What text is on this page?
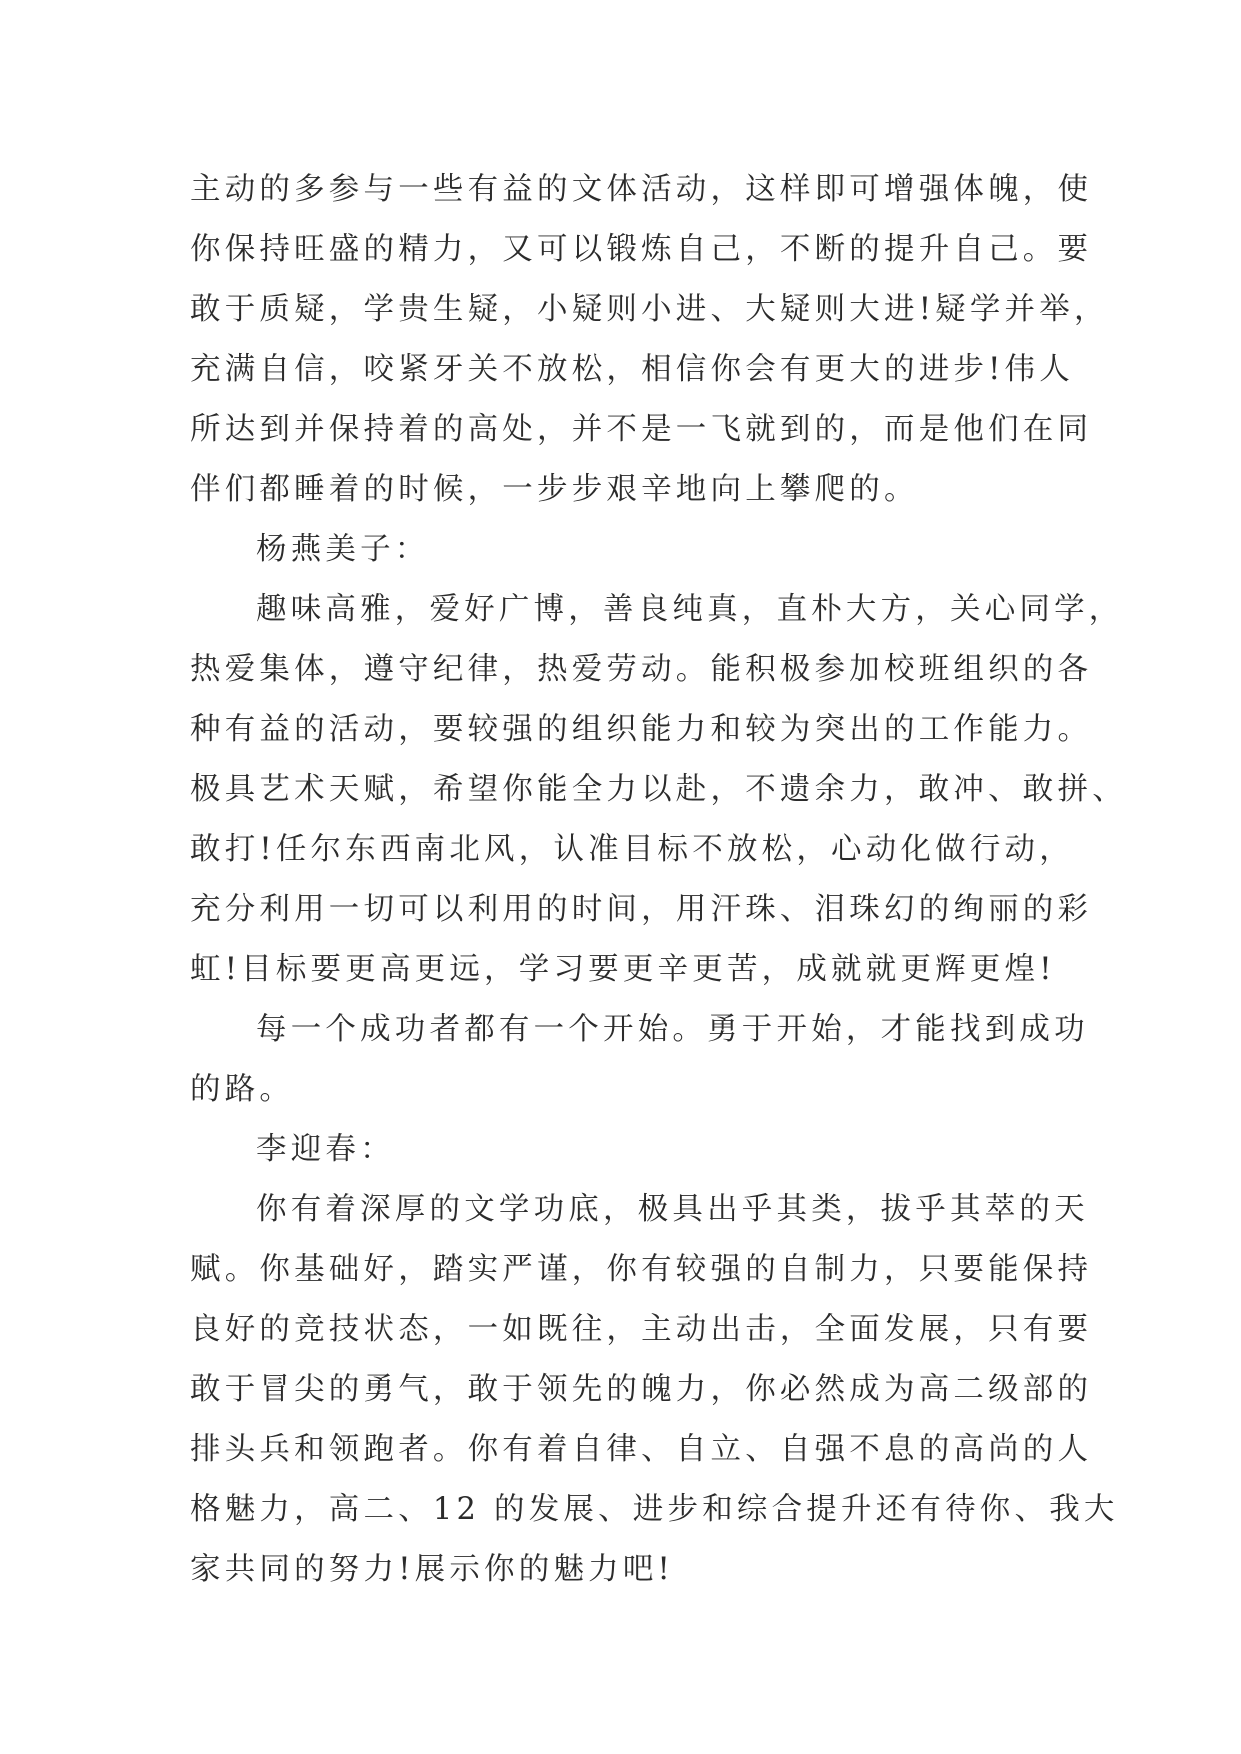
主动的多参与一些有益的文体活动，这样即可增强体魄，使
你保持旺盛的精力，又可以锻炼自己，不断的提升自己。要
敢于质疑，学贵生疑，小疑则小进、大疑则大进!疑学并举，
充满自信，咬紧牙关不放松，相信你会有更大的进步!伟人
所达到并保持着的高处，并不是一飞就到的，而是他们在同
伴们都睡着的时候，一步步艰辛地向上攀爬的。
杨燕美子：
趣味高雅，爱好广博，善良纯真，直朴大方，关心同学，
热爱集体，遵守纪律，热爱劳动。能积极参加校班组织的各
种有益的活动，要较强的组织能力和较为突出的工作能力。
极具艺术天赋，希望你能全力以赴，不遗余力，敢冲、敢拼、
敢打!任尔东西南北风，认准目标不放松，心动化做行动，
充分利用一切可以利用的时间，用汗珠、泪珠幻的绚丽的彩
虹!目标要更高更远，学习要更辛更苦，成就就更辉更煌!
每一个成功者都有一个开始。勇于开始，才能找到成功
的路。
李迎春：
你有着深厚的文学功底，极具出乎其类，拔乎其萃的天
赋。你基础好，踏实严谨，你有较强的自制力，只要能保持
良好的竞技状态，一如既往，主动出击，全面发展，只有要
敢于冒尖的勇气，敢于领先的魄力，你必然成为高二级部的
排头兵和领跑者。你有着自律、自立、自强不息的高尚的人
格魅力，高二、12 的发展、进步和综合提升还有待你、我大
家共同的努力!展示你的魅力吧!
